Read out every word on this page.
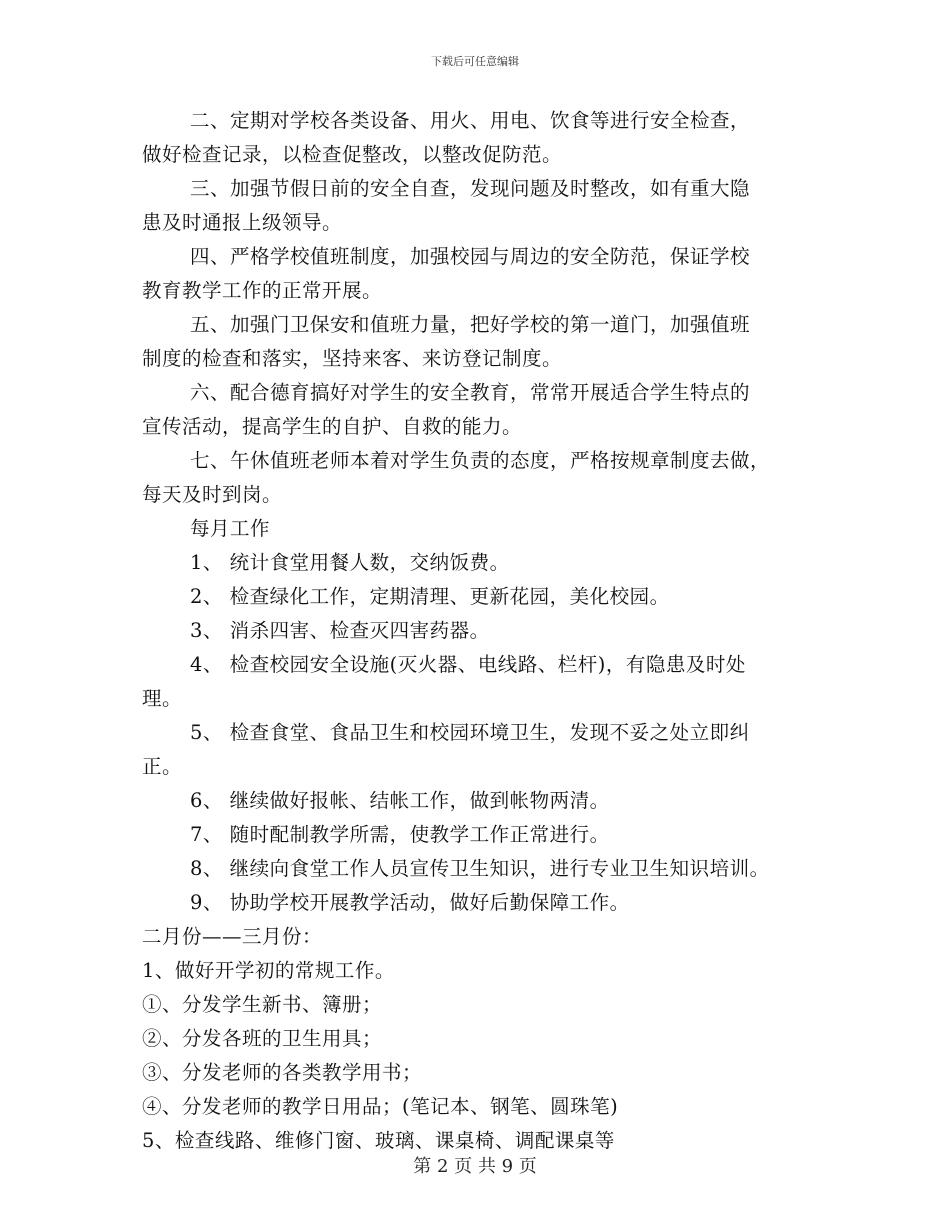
下载后可任意编辑
二、定期对学校各类设备、用火、用电、饮食等进行安全检查，
做好检查记录，以检查促整改，以整改促防范。
三、加强节假日前的安全自查，发现问题及时整改，如有重大隐
患及时通报上级领导。
四、严格学校值班制度，加强校园与周边的安全防范，保证学校
教育教学工作的正常开展。
五、加强门卫保安和值班力量，把好学校的第一道门，加强值班
制度的检查和落实，坚持来客、来访登记制度。
六、配合德育搞好对学生的安全教育，常常开展适合学生特点的
宣传活动，提高学生的自护、自救的能力。
七、午休值班老师本着对学生负责的态度，严格按规章制度去做，
每天及时到岗。
每月工作
1、 统计食堂用餐人数，交纳饭费。
2、 检查绿化工作，定期清理、更新花园，美化校园。
3、 消杀四害、检查灭四害药器。
4、 检查校园安全设施(灭火器、电线路、栏杆)，有隐患及时处
理。
5、 检查食堂、食品卫生和校园环境卫生，发现不妥之处立即纠
正。
6、 继续做好报帐、结帐工作，做到帐物两清。
7、 随时配制教学所需，使教学工作正常进行。
8、 继续向食堂工作人员宣传卫生知识，进行专业卫生知识培训。
9、 协助学校开展教学活动，做好后勤保障工作。
二月份——三月份：
1、做好开学初的常规工作。
①、分发学生新书、簿册；
②、分发各班的卫生用具；
③、分发老师的各类教学用书；
④、分发老师的教学日用品；(笔记本、钢笔、圆珠笔)
5、检查线路、维修门窗、玻璃、课桌椅、调配课桌等
第 2 页 共 9 页
